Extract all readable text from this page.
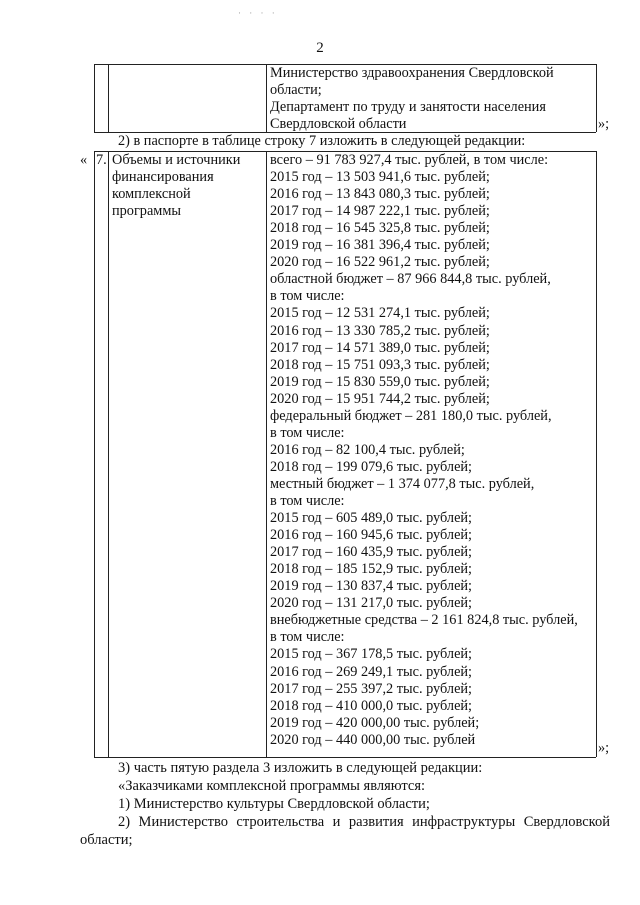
· · · ·
2
Министерство здравоохранения Свердловской
области;
Департамент по труду и занятости населения
Свердловской области	»;
2) в паспорте в таблице строку 7 изложить в следующей редакции:
« 7. Объемы и источники
финансирования
комплексной
программы
всего – 91 783 927,4 тыс. рублей, в том числе:
2015 год – 13 503 941,6 тыс. рублей;
2016 год – 13 843 080,3 тыс. рублей;
2017 год – 14 987 222,1 тыс. рублей;
2018 год – 16 545 325,8 тыс. рублей;
2019 год – 16 381 396,4 тыс. рублей;
2020 год – 16 522 961,2 тыс. рублей;
областной бюджет – 87 966 844,8 тыс. рублей,
в том числе:
2015 год – 12 531 274,1 тыс. рублей;
2016 год – 13 330 785,2 тыс. рублей;
2017 год – 14 571 389,0 тыс. рублей;
2018 год – 15 751 093,3 тыс. рублей;
2019 год – 15 830 559,0 тыс. рублей;
2020 год – 15 951 744,2 тыс. рублей;
федеральный бюджет – 281 180,0 тыс. рублей,
в том числе:
2016 год – 82 100,4 тыс. рублей;
2018 год – 199 079,6 тыс. рублей;
местный бюджет – 1 374 077,8 тыс. рублей,
в том числе:
2015 год – 605 489,0 тыс. рублей;
2016 год – 160 945,6 тыс. рублей;
2017 год – 160 435,9 тыс. рублей;
2018 год – 185 152,9 тыс. рублей;
2019 год – 130 837,4 тыс. рублей;
2020 год – 131 217,0 тыс. рублей;
внебюджетные средства – 2 161 824,8 тыс. рублей,
в том числе:
2015 год – 367 178,5 тыс. рублей;
2016 год – 269 249,1 тыс. рублей;
2017 год – 255 397,2 тыс. рублей;
2018 год – 410 000,0 тыс. рублей;
2019 год – 420 000,00 тыс. рублей;
2020 год – 440 000,00 тыс. рублей
»;
3) часть пятую раздела 3 изложить в следующей редакции:
«Заказчиками комплексной программы являются:
1) Министерство культуры Свердловской области;
2) Министерство строительства и развития инфраструктуры Свердловской
области;
